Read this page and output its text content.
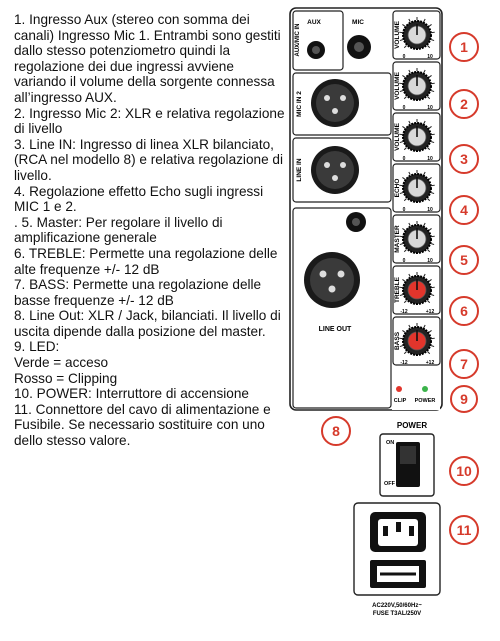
1. Ingresso Aux (stereo con somma dei canali) Ingresso Mic 1. Entrambi sono gestiti dallo stesso potenziometro quindi la regolazione dei due ingressi avviene variando il volume della sorgente connessa all’ingresso AUX.

2. Ingresso Mic 2: XLR e relativa regolazione di livello

3. Line IN: Ingresso di linea XLR bilanciato, (RCA nel modello 8) e relativa regolazione di livello.

4. Regolazione effetto Echo sugli ingressi MIC 1 e 2.

. 5. Master: Per regolare il livello di amplificazione generale

6. TREBLE: Permette una regolazione delle alte frequenze +/- 12 dB

7. BASS: Permette una regolazione delle basse frequenze +/- 12 dB

8. Line Out: XLR / Jack, bilanciati. Il livello di uscita dipende dalla posizione del master.

9. LED:

Verde = acceso

Rosso = Clipping

10. POWER: Interruttore di accensione

11. Connettore del cavo di alimentazione e Fusibile. Se necessario sostituire con uno dello stesso valore.

AUX/MIC IN
AUX	MIC
MIC IN 2
LINE IN
LINE OUT
VOLUME
0	10
VOLUME
0	10
VOLUME
0	10
ECHO
0	10
MASTER
0	10
TREBLE
-12	+12
BASS
-12	+12
CLIP POWER
POWER
ON
OFF
AC220V,50/60Hz~
FUSE T3AL/250V
1
2
3
4
5
6
7
9
8
10
11
